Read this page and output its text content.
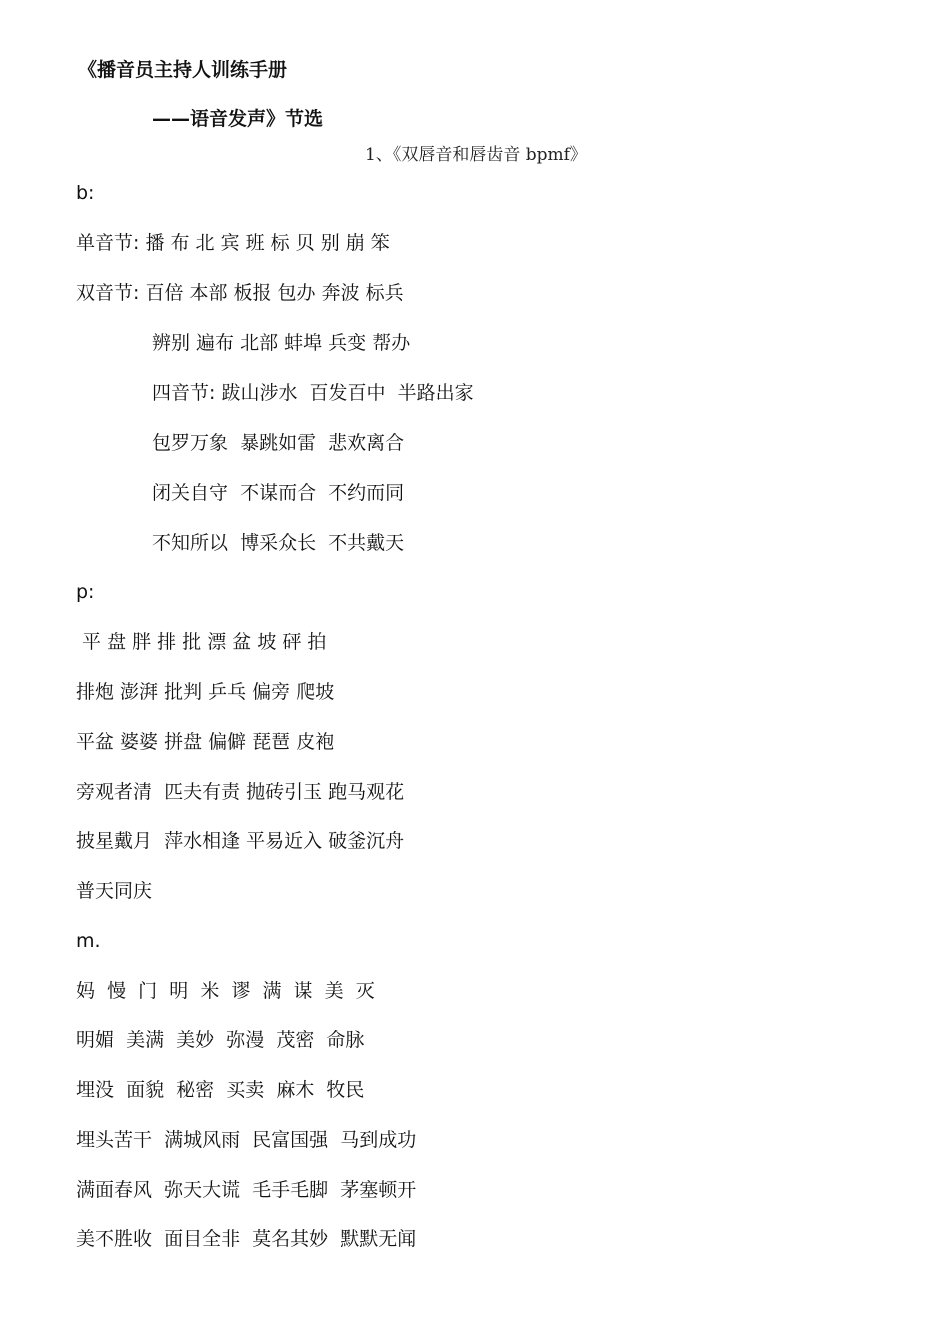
《播音员主持人训练手册
——语音发声》节选
1、《双唇音和唇齿音 bpmf》
b:
单音节: 播 布 北 宾 班 标 贝 别 崩 笨
双音节: 百倍 本部 板报 包办 奔波 标兵
辨别 遍布 北部 蚌埠 兵变 帮办
四音节: 跋山涉水  百发百中  半路出家
包罗万象  暴跳如雷  悲欢离合
闭关自守  不谋而合  不约而同
不知所以  博采众长  不共戴天
p:
平 盘 胖 排 批 漂 盆 坡 砰 拍
排炮 澎湃 批判 乒乓 偏旁 爬坡
平盆 婆婆 拼盘 偏僻 琵琶 皮袍
旁观者清  匹夫有责 抛砖引玉 跑马观花
披星戴月  萍水相逢 平易近入 破釜沉舟
普天同庆
m.
妈  慢  门  明  米  谬  满  谋  美  灭
明媚  美满  美妙  弥漫  茂密  命脉
埋没  面貌  秘密  买卖  麻木  牧民
埋头苦干  满城风雨  民富国强  马到成功
满面春风  弥天大谎  毛手毛脚  茅塞顿开
美不胜收  面目全非  莫名其妙  默默无闻
